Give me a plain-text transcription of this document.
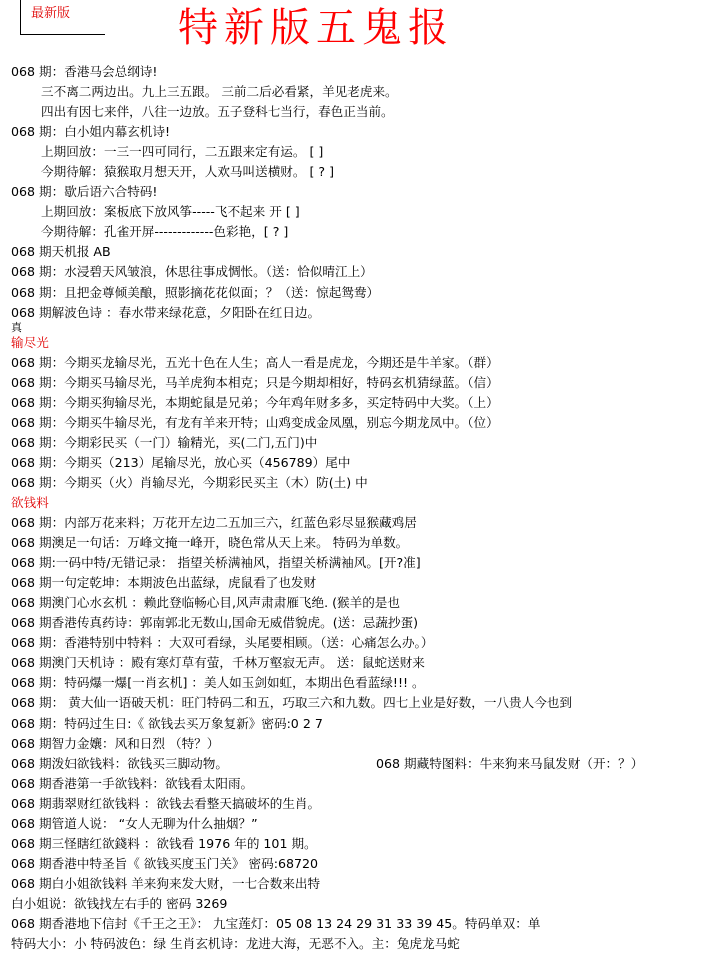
最新版	特新版五鬼报
068 期：香港马会总纲诗!
三不离二两边出。九上三五跟。 三前二后必看紧，羊见老虎来。
四出有因七来伴，八往一边放。五子登科七当行，春色正当前。
068 期：白小姐内幕玄机诗!
上期回放：一三一四可同行，二五跟来定有运。 [ ]
今期待解：猿猴取月想天开，人欢马叫送横财。 [ ? ]
068 期：歇后语六合特码!
上期回放：案板底下放风筝-----飞不起来 开 [ ]
今期待解：孔雀开屏-------------色彩艳，[ ? ]
068 期天机报 AB
068 期：水浸碧天风皱浪，休思往事成惆怅。（送：恰似晴江上）
068 期：且把金尊倾美酿，照影摘花花似面；？（送：惊起鸳鸯）
068 期解波色诗 ：春水带来绿花意，夕阳卧在红日边。
真
输尽光
068 期：今期买龙输尽光，五光十色在人生；高人一看是虎龙，今期还是牛羊家。（群）
068 期：今期买马输尽光，马羊虎狗本相克；只是今期却相好，特码玄机猜绿蓝。（信）
068 期：今期买狗输尽光，本期蛇鼠是兄弟；今年鸡年财多多，买定特码中大奖。（上）
068 期：今期买牛输尽光，有龙有羊来开特；山鸡变成金凤凰，别忘今期龙凤中。（位）
068 期：今期彩民买（一门）输精光，买(二门,五门)中
068 期：今期买（213）尾输尽光，放心买（456789）尾中
068 期：今期买（火）肖输尽光，今期彩民买主（木）防(土) 中
欲钱料
068 期：内部万花来料；万花开左边二五加三六，红蓝色彩尽显猴藏鸡居
068 期澳足一句话：万峰文掩一峰开，晓色常从天上来。 特码为单数。
068 期:一码中特/无错记录： 指望关桥满袖风，指望关桥满袖风。[开?准]
068 期一句定乾坤：本期波色出蓝绿，虎鼠看了也发财
068 期澳门心水玄机 ：赖此登临畅心目,风声肃肃雁飞绝. (猴羊的是也
068 期香港传真药诗：郭南郭北无数山,国命无威借貌虎。(送：忌蔬抄蛋)
068 期：香港特别中特料 ：大双可看绿，头尾要相顾。（送：心痛怎么办。）
068 期澳门天机诗 ：殿有寒灯草有萤，千林万壑寂无声。 送：鼠蛇送财来
068 期：特码爆一爆[一肖玄机] ：美人如玉剑如虹，本期出色看蓝绿!!! 。
068 期： 黄大仙一语破天机：旺门特码二和五，巧取三六和九数。四七上业是好数，一八贵人今也到
068 期：特码过生日:《 欲钱去买万象复新》密码:0 2 7
068 期智力金孃：风和日烈 （特？）
068 期泼妇欲钱料：欲钱买三脚动物。	068 期藏特图料：牛来狗来马鼠发财（开：？）
068 期香港第一手欲钱料：欲钱看太阳雨。
068 期翡翠财红欲钱料 ：欲钱去看整天搞破坏的生肖。
068 期管道人说： “女人无聊为什么抽烟？”
068 期三怪瞎红欲錢料 ：欲钱看 1976 年的 101 期。
068 期香港中特圣旨《 欲钱买度玉门关》 密码:68720
068 期白小姐欲钱料 羊来狗来发大财，一七合数来出特
白小姐说：欲钱找左右手的 密码 3269
068 期香港地下信封《千王之王》： 九宝莲灯：05 08 13 24 29 31 33 39 45。特码单双：单
特码大小：小 特码波色：绿 生肖玄机诗：龙进大海，无恶不入。主：兔虎龙马蛇
